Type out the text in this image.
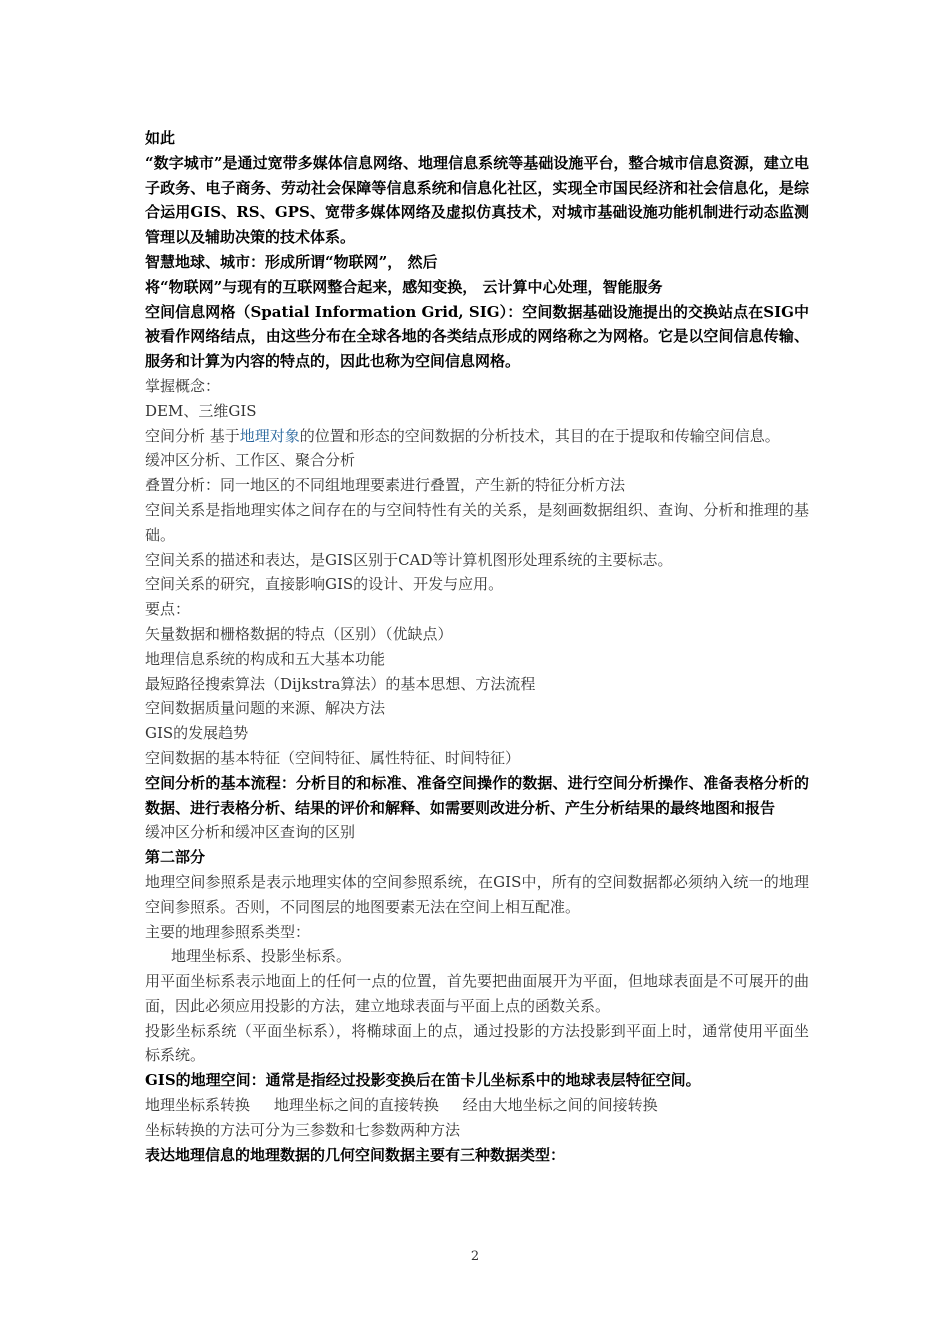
如此

“数字城市”是通过宽带多媒体信息网络、地理信息系统等基础设施平台，整合城市信息资源，建立电子政务、电子商务、劳动社会保障等信息系统和信息化社区，实现全市国民经济和社会信息化，是综合运用GIS、RS、GPS、宽带多媒体网络及虚拟仿真技术，对城市基础设施功能机制进行动态监测管理以及辅助决策的技术体系。

智慧地球、城市：形成所谓“物联网”， 然后

将“物联网”与现有的互联网整合起来，感知变换， 云计算中心处理，智能服务

空间信息网格（Spatial Information Grid, SIG）：空间数据基础设施提出的交换站点在SIG中被看作网络结点，由这些分布在全球各地的各类结点形成的网络称之为网格。它是以空间信息传输、服务和计算为内容的特点的，因此也称为空间信息网格。

掌握概念：

DEM、三维GIS

空间分析 基于地理对象的位置和形态的空间数据的分析技术，其目的在于提取和传输空间信息。

缓冲区分析、工作区、聚合分析

叠置分析：同一地区的不同组地理要素进行叠置，产生新的特征分析方法

空间关系是指地理实体之间存在的与空间特性有关的关系，是刻画数据组织、查询、分析和推理的基础。

空间关系的描述和表达，是GIS区别于CAD等计算机图形处理系统的主要标志。

空间关系的研究，直接影响GIS的设计、开发与应用。

要点：

矢量数据和栅格数据的特点（区别）（优缺点）

地理信息系统的构成和五大基本功能

最短路径搜索算法（Dijkstra算法）的基本思想、方法流程

空间数据质量问题的来源、解决方法

GIS的发展趋势

空间数据的基本特征（空间特征、属性特征、时间特征）

空间分析的基本流程：分析目的和标准、准备空间操作的数据、进行空间分析操作、准备表格分析的数据、进行表格分析、结果的评价和解释、如需要则改进分析、产生分析结果的最终地图和报告

缓冲区分析和缓冲区查询的区别

第二部分

地理空间参照系是表示地理实体的空间参照系统，在GIS中，所有的空间数据都必须纳入统一的地理空间参照系。否则，不同图层的地图要素无法在空间上相互配准。

主要的地理参照系类型：

地理坐标系、投影坐标系。

用平面坐标系表示地面上的任何一点的位置，首先要把曲面展开为平面，但地球表面是不可展开的曲面，因此必须应用投影的方法，建立地球表面与平面上点的函数关系。

投影坐标系统（平面坐标系），将椭球面上的点，通过投影的方法投影到平面上时，通常使用平面坐标系统。

GIS的地理空间：通常是指经过投影变换后在笛卡儿坐标系中的地球表层特征空间。

地理坐标系转换     地理坐标之间的直接转换     经由大地坐标之间的间接转换

坐标转换的方法可分为三参数和七参数两种方法

表达地理信息的地理数据的几何空间数据主要有三种数据类型：

2
